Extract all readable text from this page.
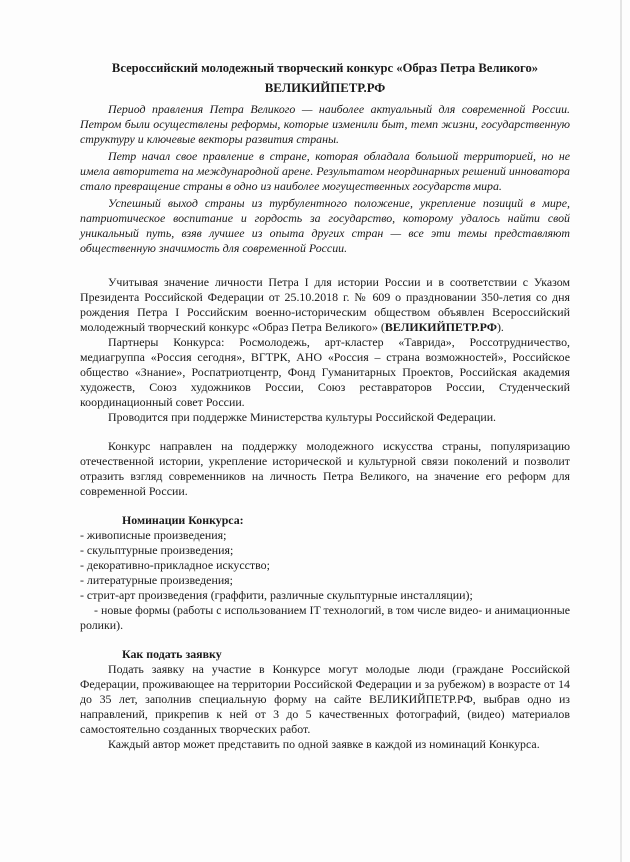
Всероссийский молодежный творческий конкурс «Образ Петра Великого»

ВЕЛИКИЙПЕТР.РФ

Период правления Петра Великого — наиболее актуальный для современной России. Петром были осуществлены реформы, которые изменили быт, темп жизни, государственную структуру и ключевые векторы развития страны.

Петр начал свое правление в стране, которая обладала большой территорией, но не имела авторитета на международной арене. Результатом неординарных решений инноватора стало превращение страны в одно из наиболее могущественных государств мира.

Успешный выход страны из турбулентного положение, укрепление позиций в мире, патриотическое воспитание и гордость за государство, которому удалось найти свой уникальный путь, взяв лучшее из опыта других стран — все эти темы представляют общественную значимость для современной России.

Учитывая значение личности Петра I для истории России и в соответствии с Указом Президента Российской Федерации от 25.10.2018 г. № 609 о праздновании 350-летия со дня рождения Петра I Российским военно-историческим обществом объявлен Всероссийский молодежный творческий конкурс «Образ Петра Великого» (ВЕЛИКИЙПЕТР.РФ).

Партнеры Конкурса: Росмолодежь, арт-кластер «Таврида», Россотрудничество, медиагруппа «Россия сегодня», ВГТРК, АНО «Россия – страна возможностей», Российское общество «Знание», Роспатриотцентр, Фонд Гуманитарных Проектов, Российская академия художеств, Союз художников России, Союз реставраторов России, Студенческий координационный совет России.

Проводится при поддержке Министерства культуры Российской Федерации.

Конкурс направлен на поддержку молодежного искусства страны, популяризацию отечественной истории, укрепление исторической и культурной связи поколений и позволит отразить взгляд современников на личность Петра Великого, на значение его реформ для современной России.

Номинации Конкурса:

- живописные произведения;
- скульптурные произведения;
- декоративно-прикладное искусство;
- литературные произведения;
- стрит-арт произведения (граффити, различные скульптурные инсталляции);
- новые формы (работы с использованием IT технологий, в том числе видео- и анимационные ролики).

Как подать заявку

Подать заявку на участие в Конкурсе могут молодые люди (граждане Российской Федерации, проживающее на территории Российской Федерации и за рубежом) в возрасте от 14 до 35 лет, заполнив специальную форму на сайте ВЕЛИКИЙПЕТР.РФ, выбрав одно из направлений, прикрепив к ней от 3 до 5 качественных фотографий, (видео) материалов самостоятельно созданных творческих работ.

Каждый автор может представить по одной заявке в каждой из номинаций Конкурса.
